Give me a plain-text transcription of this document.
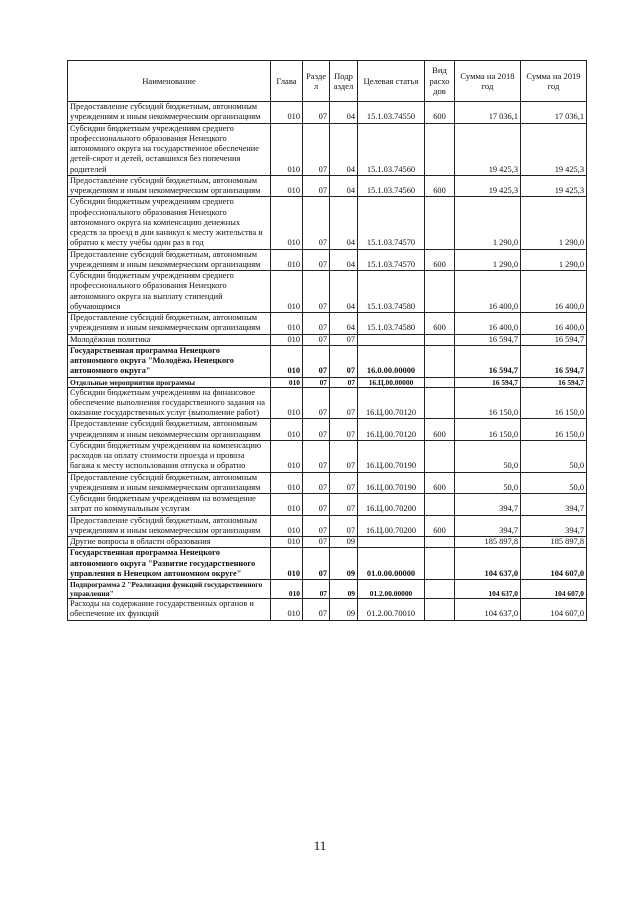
Наименование	Глава	Разде л	Подр аздел	Целевая статья	Вид расхо дов	Сумма на 2018 год	Сумма на 2019 год
Предоставление субсидий бюджетным, автономным учреждениям и иным некоммерческим организациям	010	07	04	15.1.03.74550	600	17 036,1	17 036,1
Субсидии бюджетным учреждениям среднего профессионального образования Ненецкого автономного округа на государственное обеспечение детей-сирот и детей, оставшихся без попечения родителей	010	07	04	15.1.03.74560		19 425,3	19 425,3
Предоставление субсидий бюджетным, автономным учреждениям и иным некоммерческим организациям	010	07	04	15.1.03.74560	600	19 425,3	19 425,3
Субсидии бюджетным учреждениям среднего профессионального образования Ненецкого автономного округа на компенсацию денежных средств за проезд в дни каникул к месту жительства и обратно к месту учёбы один раз в год	010	07	04	15.1.03.74570		1 290,0	1 290,0
Предоставление субсидий бюджетным, автономным учреждениям и иным некоммерческим организациям	010	07	04	15.1.03.74570	600	1 290,0	1 290,0
Субсидии бюджетным учреждениям среднего профессионального образования Ненецкого автономного округа на выплату стипендий обучающимся	010	07	04	15.1.03.74580		16 400,0	16 400,0
Предоставление субсидий бюджетным, автономным учреждениям и иным некоммерческим организациям	010	07	04	15.1.03.74580	600	16 400,0	16 400,0
Молодёжная политика	010	07	07			16 594,7	16 594,7
Государственная программа Ненецкого автономного округа "Молодёжь Ненецкого автономного округа"	010	07	07	16.0.00.00000		16 594,7	16 594,7
Отдельные мероприятия программы	010	07	07	16.Ц.00.00000		16 594,7	16 594,7
Субсидии бюджетным учреждениям на финансовое обеспечение выполнения государственного задания на оказание государственных услуг (выполнение работ)	010	07	07	16.Ц.00.70120		16 150,0	16 150,0
Предоставление субсидий бюджетным, автономным учреждениям и иным некоммерческим организациям	010	07	07	16.Ц.00.70120	600	16 150,0	16 150,0
Субсидии бюджетным учреждениям на компенсацию расходов на оплату стоимости проезда и провоза багажа к месту использования отпуска и обратно	010	07	07	16.Ц.00.70190		50,0	50,0
Предоставление субсидий бюджетным, автономным учреждениям и иным некоммерческим организациям	010	07	07	16.Ц.00.70190	600	50,0	50,0
Субсидии бюджетным учреждениям на возмещение затрат по коммунальным услугам	010	07	07	16.Ц.00.70200		394,7	394,7
Предоставление субсидий бюджетным, автономным учреждениям и иным некоммерческим организациям	010	07	07	16.Ц.00.70200	600	394,7	394,7
Другие вопросы в области образования	010	07	09			185 897,8	185 897,8
Государственная программа Ненецкого автономного округа "Развитие государственного управления в Ненецком автономном округе"	010	07	09	01.0.00.00000		104 637,0	104 607,0
Подпрограмма 2 "Реализация функций государственного управления"	010	07	09	01.2.00.00000		104 637,0	104 607,0
Расходы на содержание государственных органов и обеспечение их функций	010	07	09	01.2.00.70010		104 637,0	104 607,0
11
